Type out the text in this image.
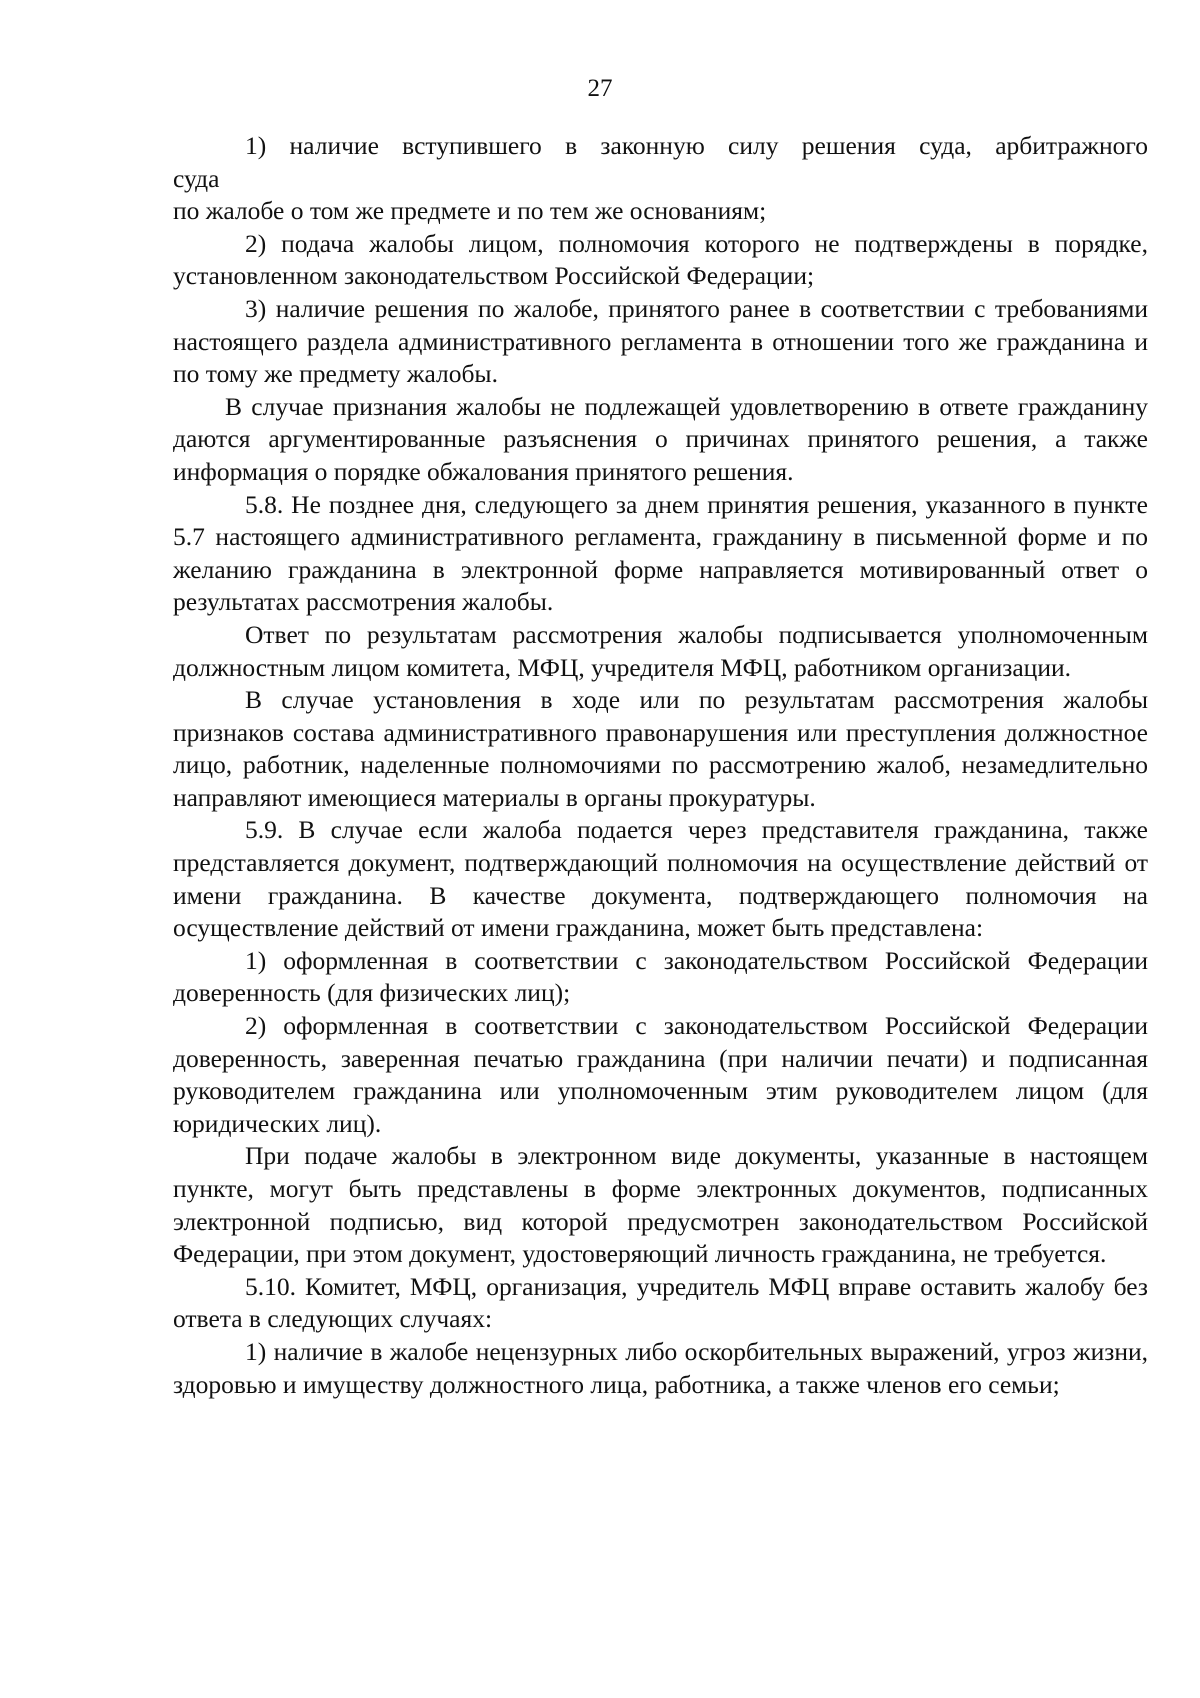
27

1) наличие вступившего в законную силу решения суда, арбитражного

суда

по жалобе о том же предмете и по тем же основаниям;

2) подача жалобы лицом, полномочия которого не подтверждены в порядке, установленном законодательством Российской Федерации;

3) наличие решения по жалобе, принятого ранее в соответствии с требованиями настоящего раздела административного регламента в отношении того же гражданина и по тому же предмету жалобы.

В случае признания жалобы не подлежащей удовлетворению в ответе гражданину даются аргументированные разъяснения о причинах принятого решения, а также информация о порядке обжалования принятого решения.

5.8. Не позднее дня, следующего за днем принятия решения, указанного в пункте 5.7 настоящего административного регламента, гражданину в письменной форме и по желанию гражданина в электронной форме направляется мотивированный ответ о результатах рассмотрения жалобы.

Ответ по результатам рассмотрения жалобы подписывается уполномоченным должностным лицом комитета, МФЦ, учредителя МФЦ, работником организации.

В случае установления в ходе или по результатам рассмотрения жалобы признаков состава административного правонарушения или преступления должностное лицо, работник, наделенные полномочиями по рассмотрению жалоб, незамедлительно направляют имеющиеся материалы в органы прокуратуры.

5.9. В случае если жалоба подается через представителя гражданина, также представляется документ, подтверждающий полномочия на осуществление действий от имени гражданина. В качестве документа, подтверждающего полномочия на осуществление действий от имени гражданина, может быть представлена:

1) оформленная в соответствии с законодательством Российской Федерации доверенность (для физических лиц);

2) оформленная в соответствии с законодательством Российской Федерации доверенность, заверенная печатью гражданина (при наличии печати) и подписанная руководителем гражданина или уполномоченным этим руководителем лицом (для юридических лиц).

При подаче жалобы в электронном виде документы, указанные в настоящем пункте, могут быть представлены в форме электронных документов, подписанных электронной подписью, вид которой предусмотрен законодательством Российской Федерации, при этом документ, удостоверяющий личность гражданина, не требуется.

5.10. Комитет, МФЦ, организация, учредитель МФЦ вправе оставить жалобу без ответа в следующих случаях:

1) наличие в жалобе нецензурных либо оскорбительных выражений, угроз жизни, здоровью и имуществу должностного лица, работника, а также членов его семьи;
